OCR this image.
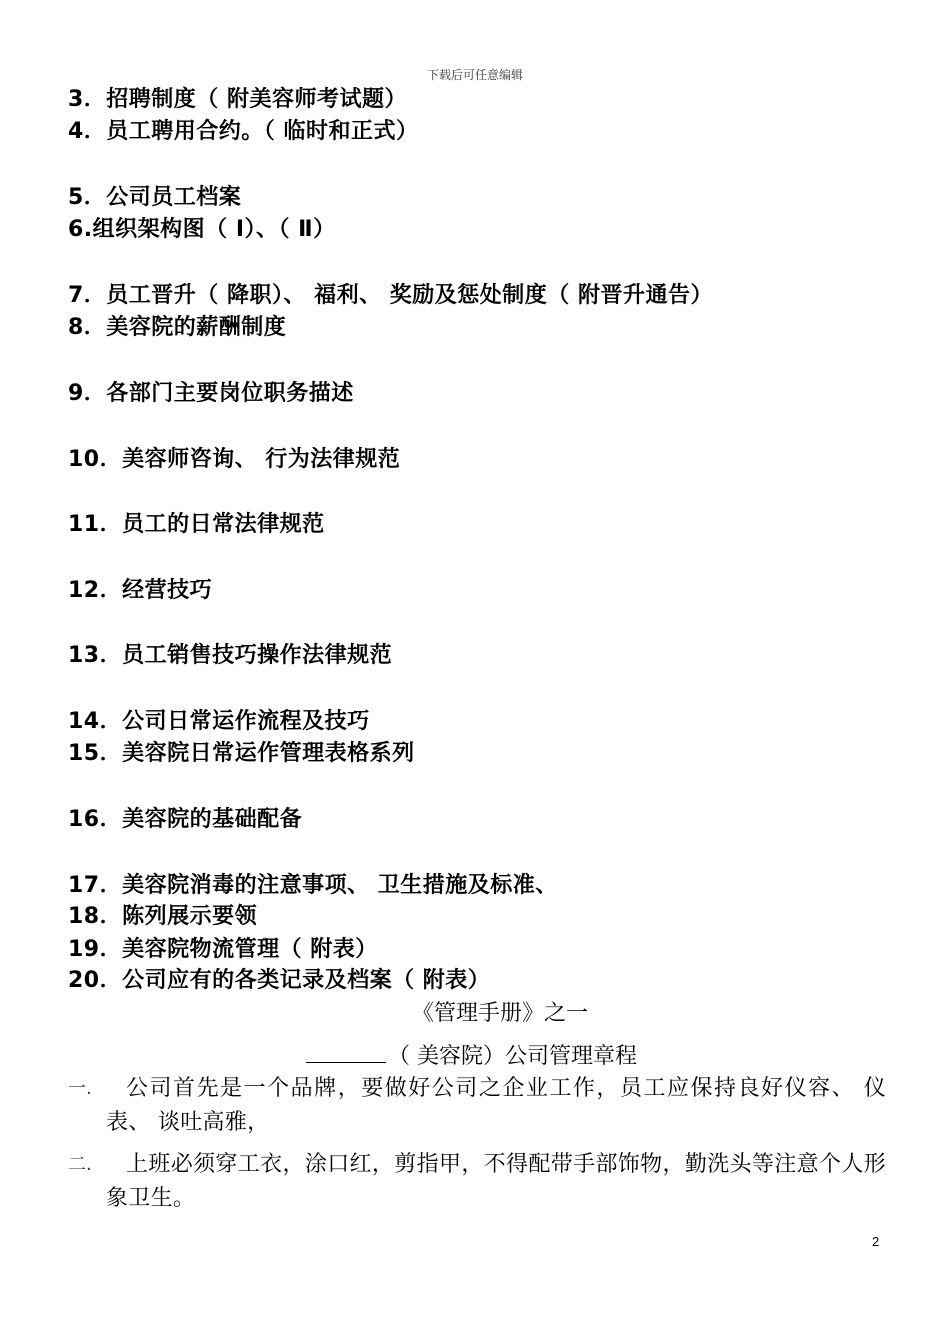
下载后可任意编辑
3．招聘制度（ 附美容师考试题）
4．员工聘用合约。（ 临时和正式）
5．公司员工档案
6.组织架构图（ Ⅰ）、（ Ⅱ）
7．员工晋升（ 降职）、 福利、 奖励及惩处制度（ 附晋升通告）
8．美容院的薪酬制度
9．各部门主要岗位职务描述
10．美容师咨询、 行为法律规范
11．员工的日常法律规范
12．经营技巧
13．员工销售技巧操作法律规范
14．公司日常运作流程及技巧
15．美容院日常运作管理表格系列
16．美容院的基础配备
17．美容院消毒的注意事项、 卫生措施及标准、
18．陈列展示要领
19．美容院物流管理（ 附表）
20．公司应有的各类记录及档案（ 附表）
《管理手册》之一
（ 美容院）公司管理章程
一.	公司首先是一个品牌，要做好公司之企业工作，员工应保持良好仪容、 仪表、 谈吐高雅，
二.	上班必须穿工衣，涂口红，剪指甲，不得配带手部饰物，勤洗头等注意个人形象卫生。
2
